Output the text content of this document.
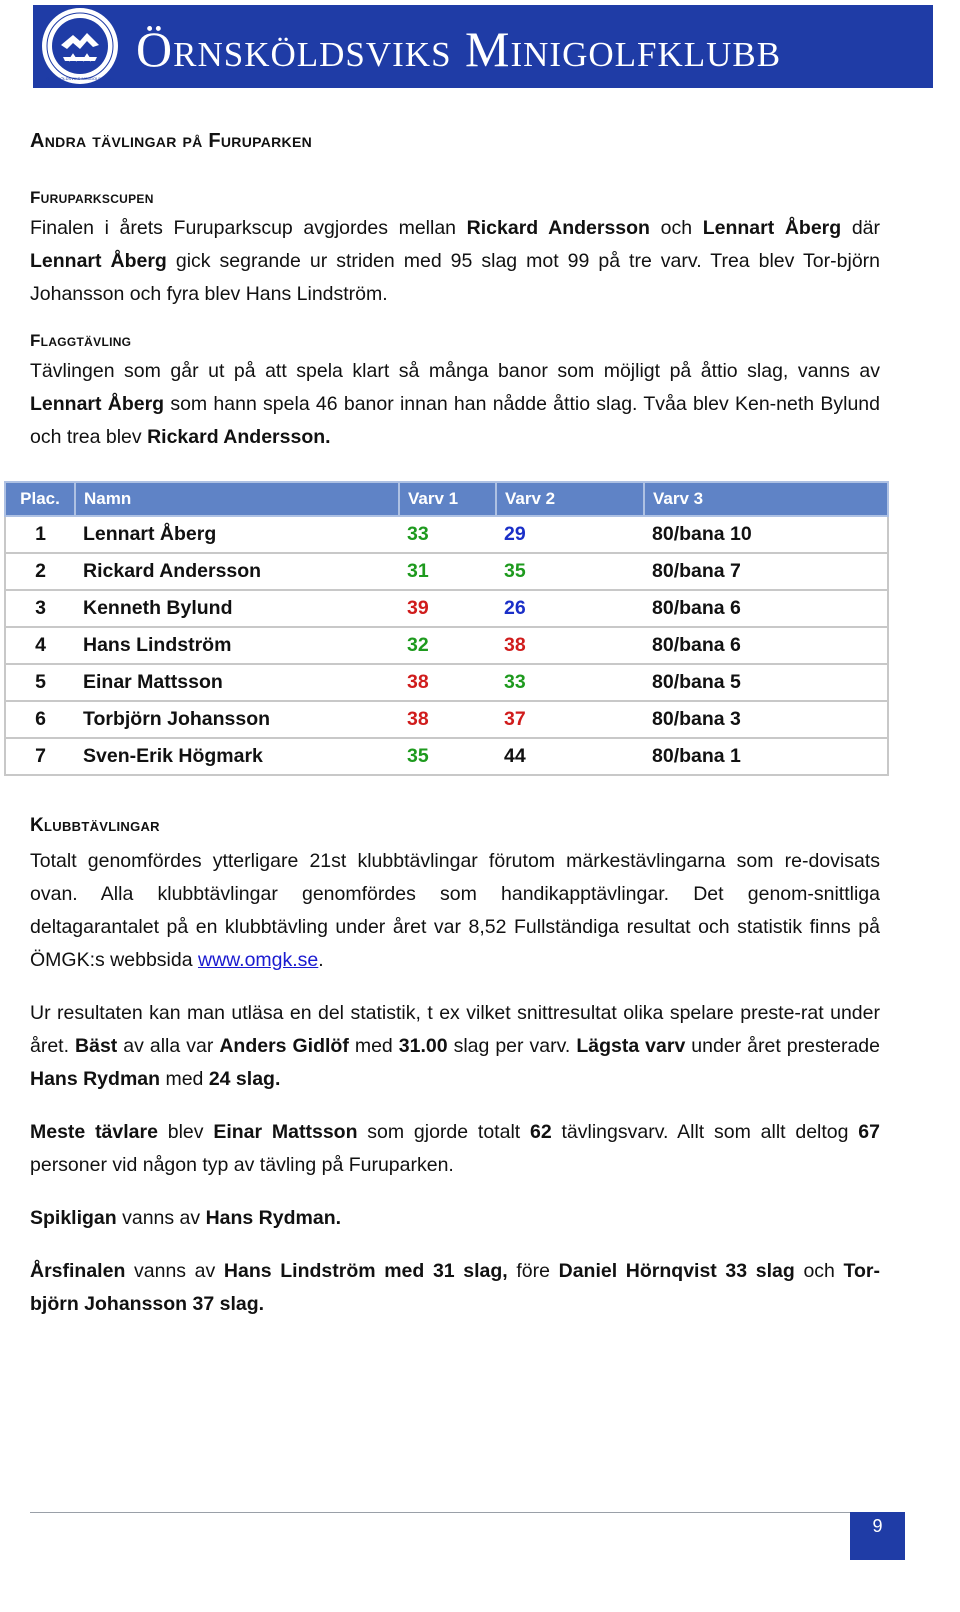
ÖRNSKÖLDSVIKS MINIGOLFKLUBB
Örnsköldsviks Minigolfklubb
Andra tävlingar på Furuparken
Furuparkscupen

Finalen i årets Furuparkscup avgjordes mellan Rickard Andersson och Lennart Åberg där Lennart Åberg gick segrande ur striden med 95 slag mot 99 på tre varv. Trea blev Tor-björn Johansson och fyra blev Hans Lindström.

Flaggtävling

Tävlingen som går ut på att spela klart så många banor som möjligt på åttio slag, vanns av Lennart Åberg som hann spela 46 banor innan han nådde åttio slag. Tvåa blev Ken-neth Bylund och trea blev Rickard Andersson.

Plac.	Namn	Varv 1	Varv 2	Varv 3
1	Lennart Åberg	33	29	80/bana 10
2	Rickard Andersson	31	35	80/bana 7
3	Kenneth Bylund	39	26	80/bana 6
4	Hans Lindström	32	38	80/bana 6
5	Einar Mattsson	38	33	80/bana 5
6	Torbjörn Johansson	38	37	80/bana 3
7	Sven-Erik Högmark	35	44	80/bana 1
Klubbtävlingar

Totalt genomfördes ytterligare 21st klubbtävlingar förutom märkestävlingarna som re-dovisats ovan. Alla klubbtävlingar genomfördes som handikapptävlingar. Det genom-snittliga deltagarantalet på en klubbtävling under året var 8,52 Fullständiga resultat och statistik finns på ÖMGK:s webbsida www.omgk.se.

Ur resultaten kan man utläsa en del statistik, t ex vilket snittresultat olika spelare preste-rat under året. Bäst av alla var Anders Gidlöf med 31.00 slag per varv. Lägsta varv under året presterade Hans Rydman med 24 slag.

Meste tävlare blev Einar Mattsson som gjorde totalt 62 tävlingsvarv. Allt som allt deltog 67 personer vid någon typ av tävling på Furuparken.

Spikligan vanns av Hans Rydman.

Årsfinalen vanns av Hans Lindström med 31 slag, före Daniel Hörnqvist 33 slag och Tor-björn Johansson 37 slag.

9
